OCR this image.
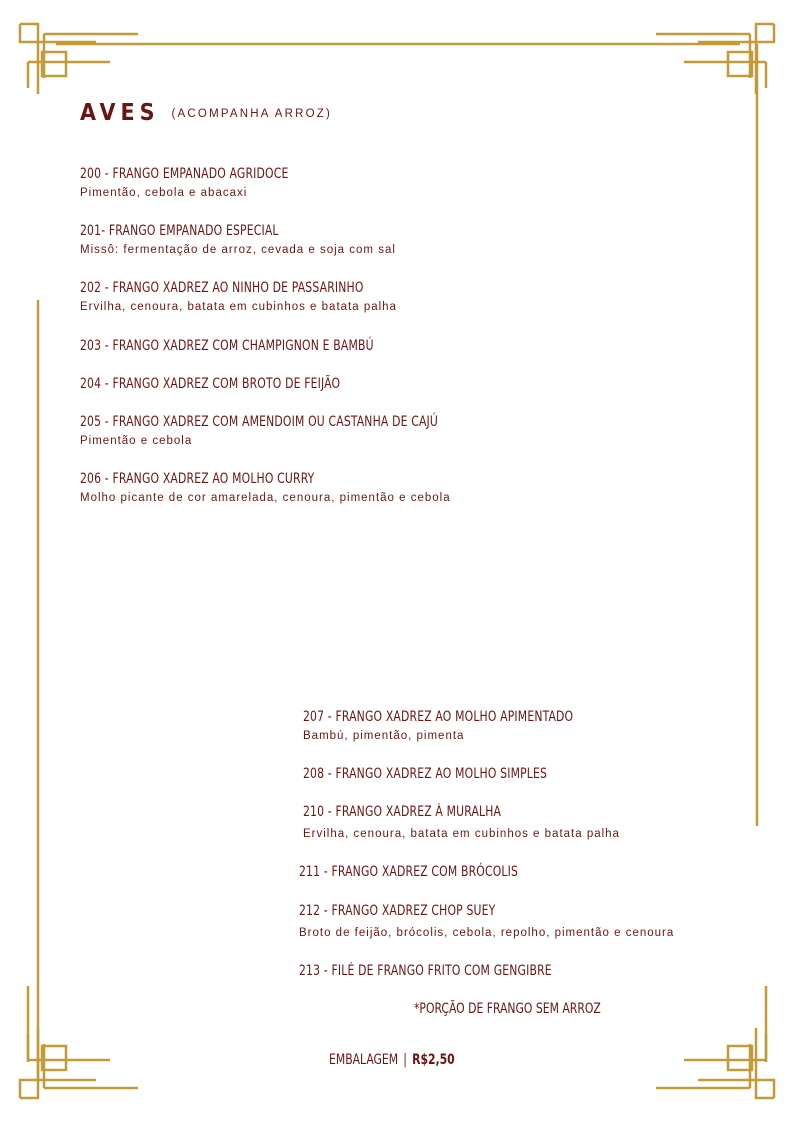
AVES (ACOMPANHA ARROZ)
200 - FRANGO EMPANADO AGRIDOCE
Pimentão, cebola e abacaxi
201- FRANGO EMPANADO ESPECIAL
Missô: fermentação de arroz, cevada e soja com sal
202 - FRANGO XADREZ AO NINHO DE PASSARINHO
Ervilha, cenoura, batata em cubinhos e batata palha
203 - FRANGO XADREZ COM CHAMPIGNON E BAMBÚ
204 - FRANGO XADREZ COM BROTO DE FEIJÃO
205 - FRANGO XADREZ COM AMENDOIM OU CASTANHA DE CAJÚ
Pimentão e cebola
206 - FRANGO XADREZ AO MOLHO CURRY
Molho picante de cor amarelada, cenoura, pimentão e cebola
207 - FRANGO XADREZ AO MOLHO APIMENTADO
Bambú, pimentão, pimenta
208 - FRANGO XADREZ AO MOLHO SIMPLES
210 - FRANGO XADREZ À MURALHA
Ervilha, cenoura, batata em cubinhos e batata palha
211 - FRANGO XADREZ COM BRÓCOLIS
212 - FRANGO XADREZ CHOP SUEY
Broto de feijão, brócolis, cebola, repolho, pimentão e cenoura
213 - FILÉ DE FRANGO FRITO COM GENGIBRE
*PORÇÃO DE FRANGO SEM ARROZ
EMBALAGEM | R$2,50
